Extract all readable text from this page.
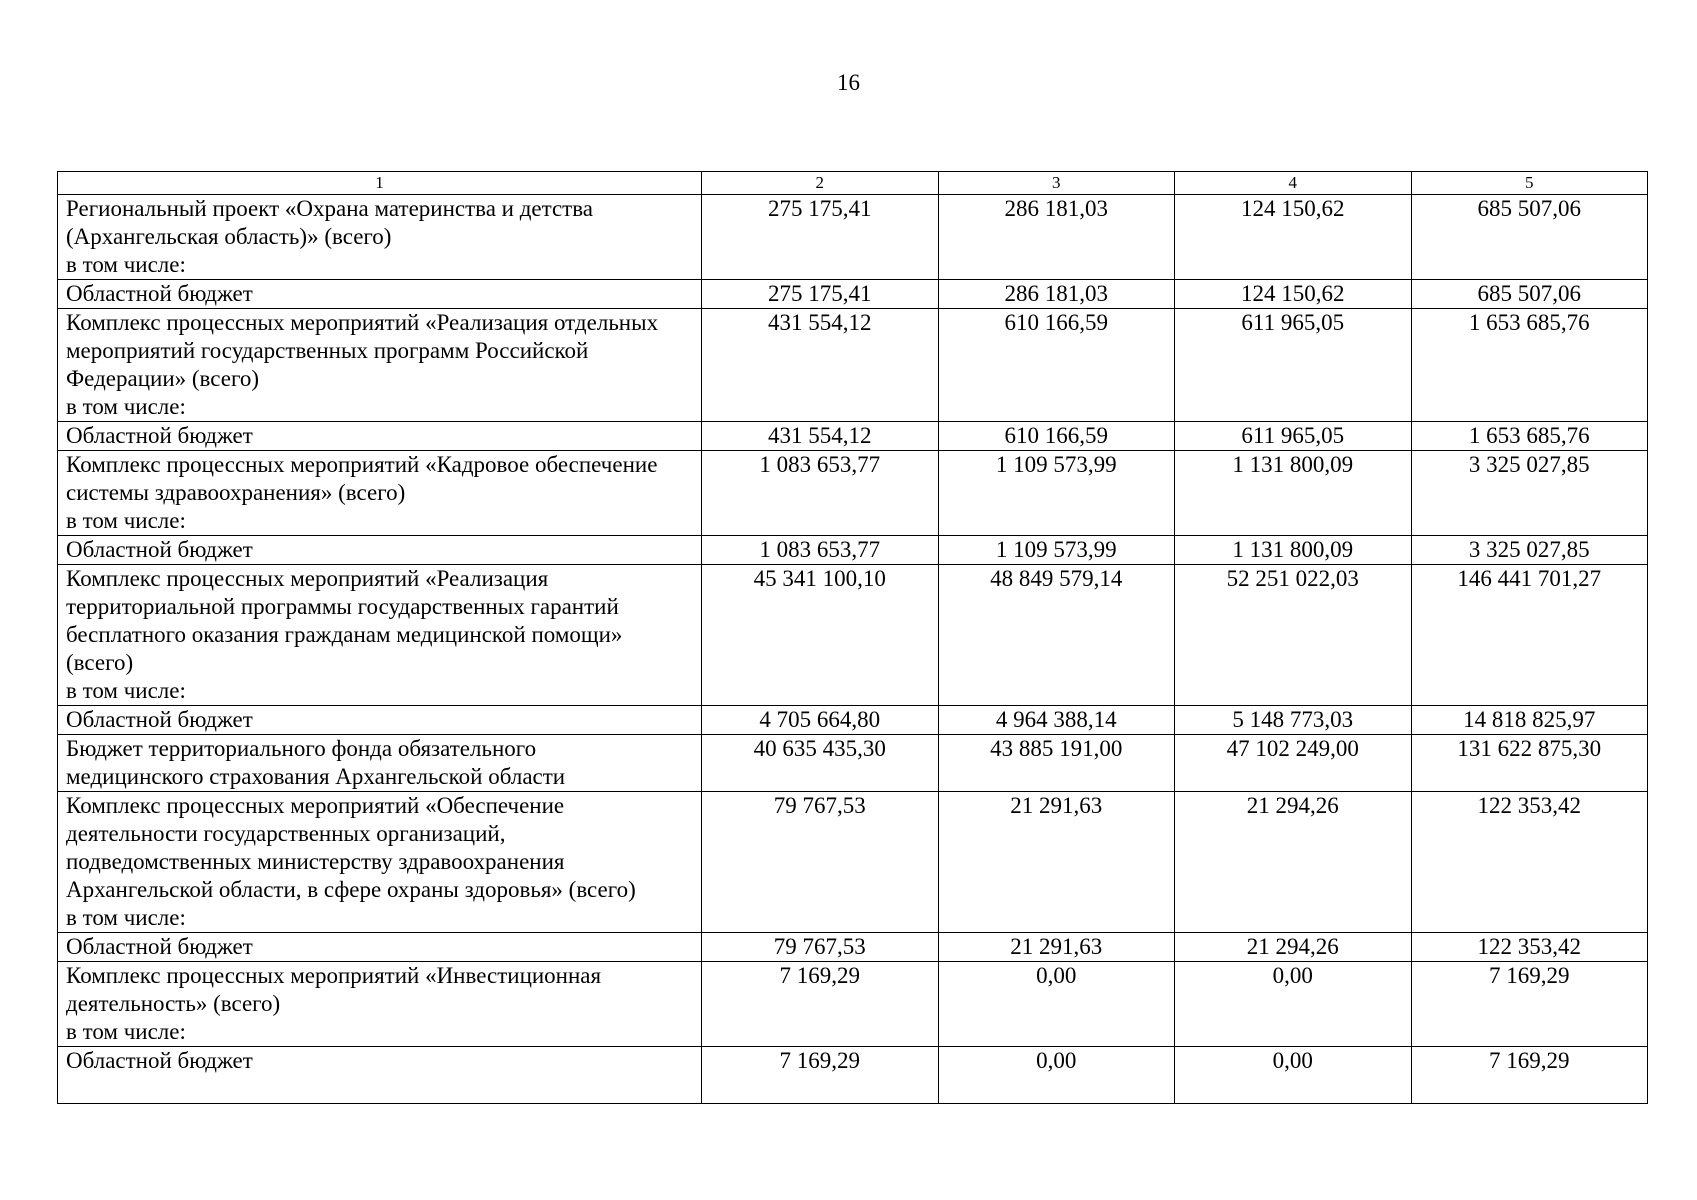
16
1	2	3	4	5

Региональный проект «Охрана материнства и детства
(Архангельская область)» (всего)
в том числе:	275 175,41	286 181,03	124 150,62	685 507,06

Областной бюджет	275 175,41	286 181,03	124 150,62	685 507,06

Комплекс процессных мероприятий «Реализация отдельных
мероприятий государственных программ Российской
Федерации» (всего)
в том числе:	431 554,12	610 166,59	611 965,05	1 653 685,76

Областной бюджет	431 554,12	610 166,59	611 965,05	1 653 685,76

Комплекс процессных мероприятий «Кадровое обеспечение
системы здравоохранения» (всего)
в том числе:	1 083 653,77	1 109 573,99	1 131 800,09	3 325 027,85

Областной бюджет	1 083 653,77	1 109 573,99	1 131 800,09	3 325 027,85

Комплекс процессных мероприятий «Реализация
территориальной программы государственных гарантий
бесплатного оказания гражданам медицинской помощи»
(всего)
в том числе:	45 341 100,10	48 849 579,14	52 251 022,03	146 441 701,27

Областной бюджет	4 705 664,80	4 964 388,14	5 148 773,03	14 818 825,97

Бюджет территориального фонда обязательного
медицинского страхования Архангельской области	40 635 435,30	43 885 191,00	47 102 249,00	131 622 875,30

Комплекс процессных мероприятий «Обеспечение
деятельности государственных организаций,
подведомственных министерству здравоохранения
Архангельской области, в сфере охраны здоровья» (всего)
в том числе:	79 767,53	21 291,63	21 294,26	122 353,42

Областной бюджет	79 767,53	21 291,63	21 294,26	122 353,42

Комплекс процессных мероприятий «Инвестиционная
деятельность» (всего)
в том числе:	7 169,29	0,00	0,00	7 169,29

Областной бюджет	7 169,29	0,00	0,00	7 169,29
